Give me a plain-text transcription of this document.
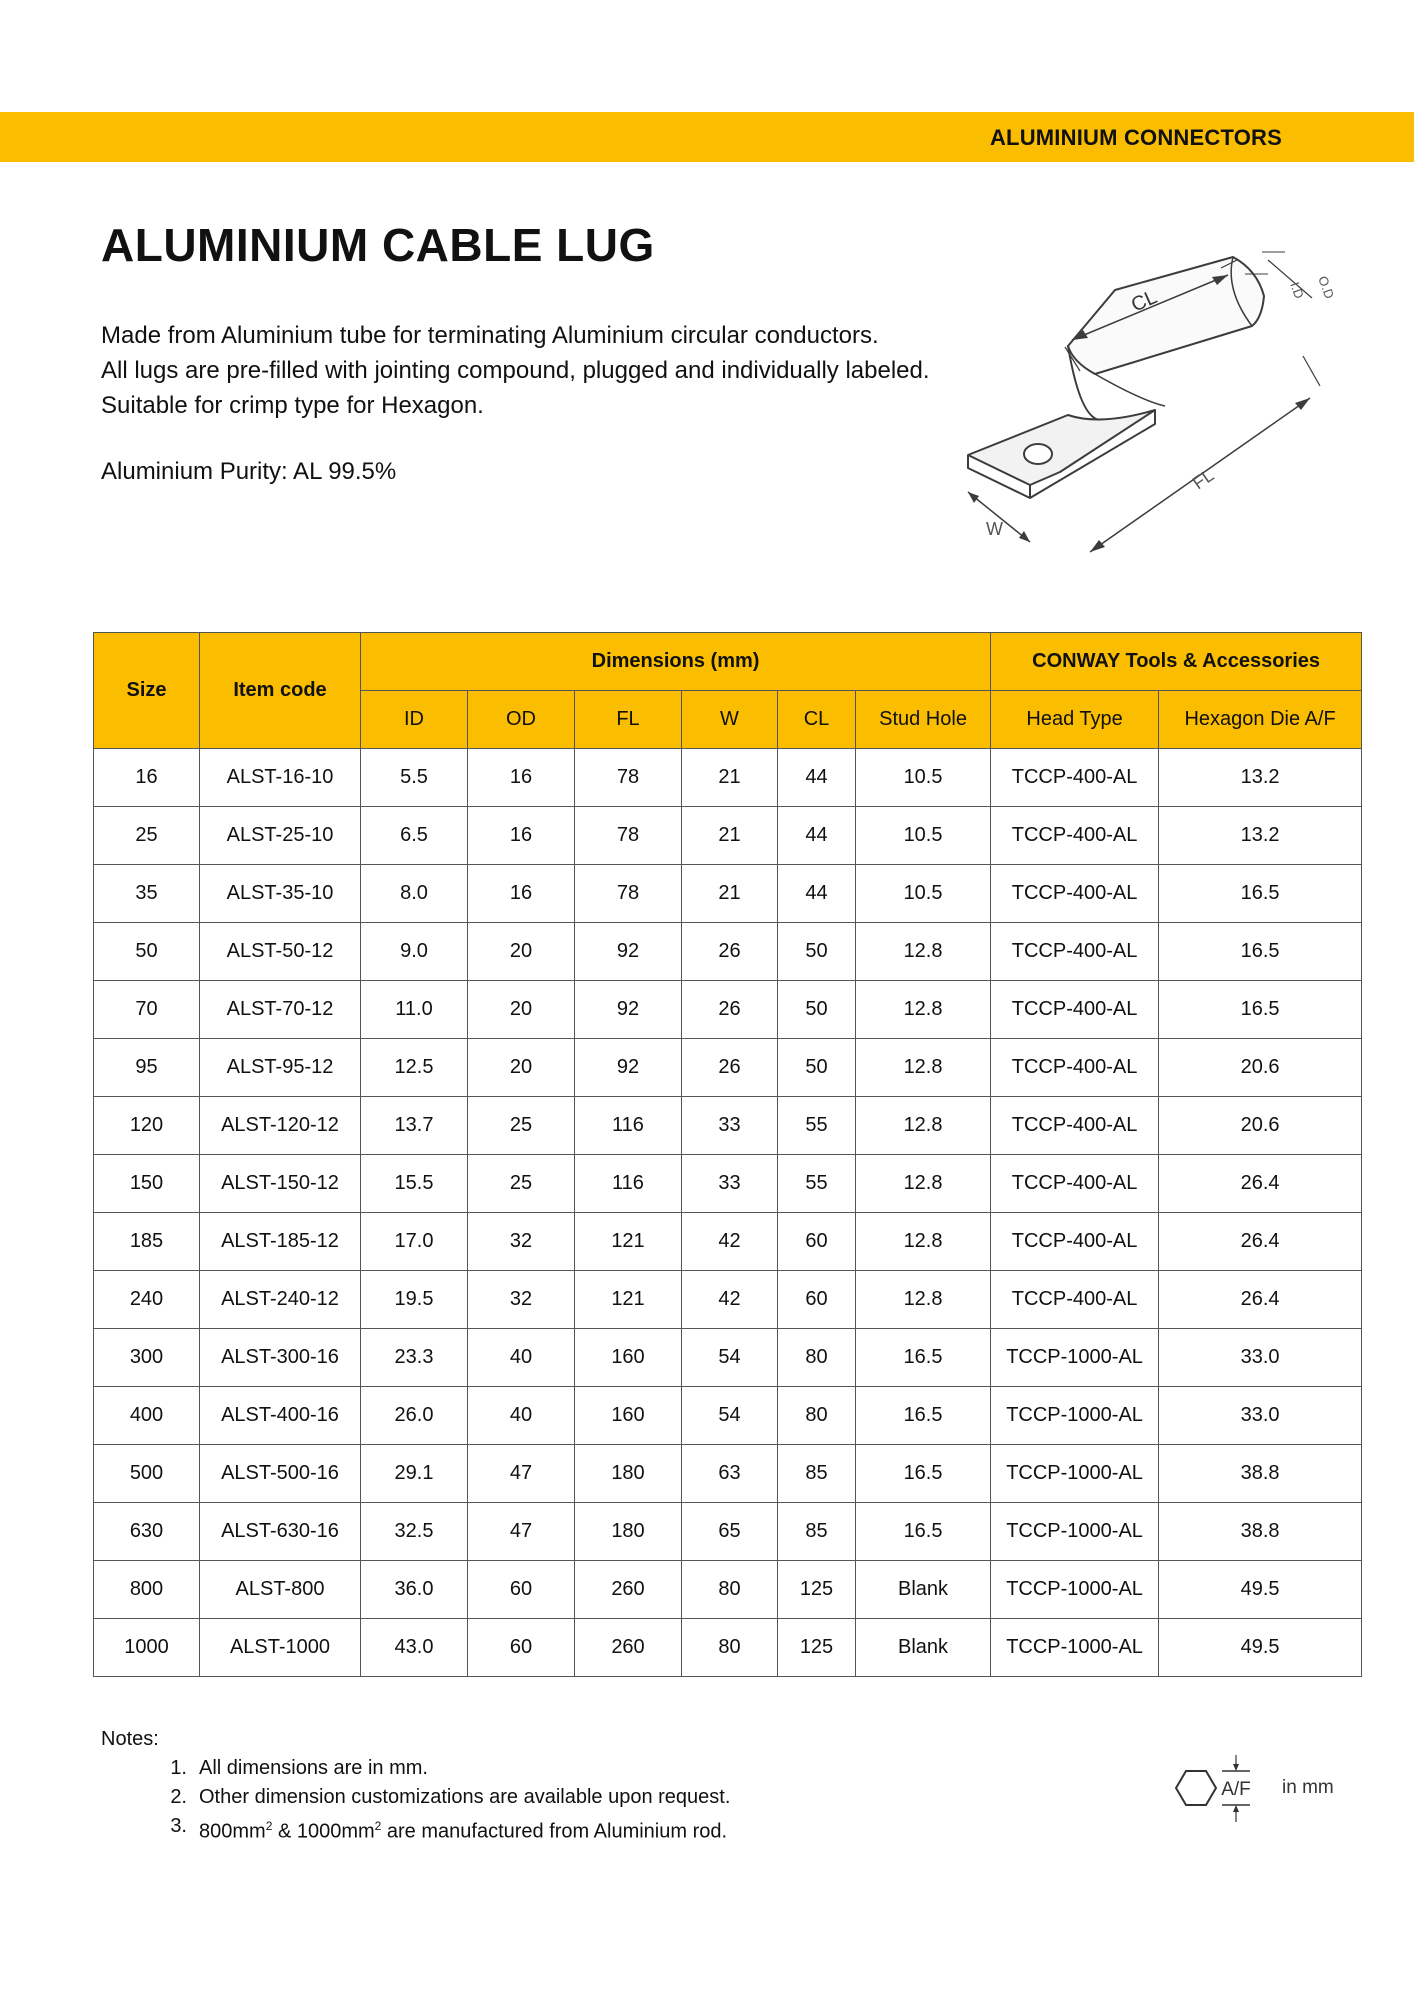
ALUMINIUM CONNECTORS
ALUMINIUM CABLE LUG

Made from Aluminium tube for terminating Aluminium circular conductors.

All lugs are pre-filled with jointing compound, plugged and individually labeled.

Suitable for crimp type for Hexagon.

Aluminium Purity: AL 99.5%
CL
FL
W
O.D
I.D
Size	Item code	Dimensions (mm)						CONWAY Tools & Accessories	
		ID	OD	FL	W	CL	Stud Hole	Head Type	Hexagon Die A/F
16	ALST-16-10	5.5	16	78	21	44	10.5	TCCP-400-AL	13.2
25	ALST-25-10	6.5	16	78	21	44	10.5	TCCP-400-AL	13.2
35	ALST-35-10	8.0	16	78	21	44	10.5	TCCP-400-AL	16.5
50	ALST-50-12	9.0	20	92	26	50	12.8	TCCP-400-AL	16.5
70	ALST-70-12	11.0	20	92	26	50	12.8	TCCP-400-AL	16.5
95	ALST-95-12	12.5	20	92	26	50	12.8	TCCP-400-AL	20.6
120	ALST-120-12	13.7	25	116	33	55	12.8	TCCP-400-AL	20.6
150	ALST-150-12	15.5	25	116	33	55	12.8	TCCP-400-AL	26.4
185	ALST-185-12	17.0	32	121	42	60	12.8	TCCP-400-AL	26.4
240	ALST-240-12	19.5	32	121	42	60	12.8	TCCP-400-AL	26.4
300	ALST-300-16	23.3	40	160	54	80	16.5	TCCP-1000-AL	33.0
400	ALST-400-16	26.0	40	160	54	80	16.5	TCCP-1000-AL	33.0
500	ALST-500-16	29.1	47	180	63	85	16.5	TCCP-1000-AL	38.8
630	ALST-630-16	32.5	47	180	65	85	16.5	TCCP-1000-AL	38.8
800	ALST-800	36.0	60	260	80	125	Blank	TCCP-1000-AL	49.5
1000	ALST-1000	43.0	60	260	80	125	Blank	TCCP-1000-AL	49.5
Notes:
1. All dimensions are in mm.
2. Other dimension customizations are available upon request.
3. $800mm^2$ & $1000mm^2$ are manufactured from Aluminium rod.
A/F in mm
